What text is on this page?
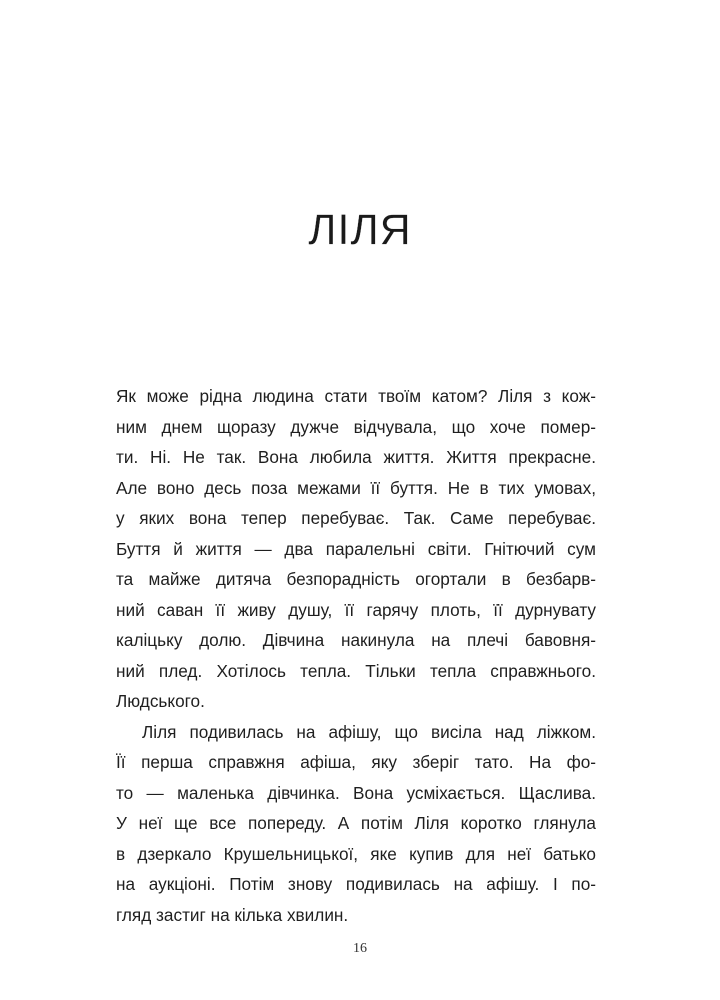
ЛІЛЯ
Як може рідна людина стати твоїм катом? Ліля з кож-
ним днем щоразу дужче відчувала, що хоче помер-
ти. Ні. Не так. Вона любила життя. Життя прекрасне.
Але воно десь поза межами її буття. Не в тих умовах,
у яких вона тепер перебуває. Так. Саме перебуває.
Буття й життя — два паралельні світи. Гнітючий сум
та майже дитяча безпорадність огортали в безбарв-
ний саван її живу душу, її гарячу плоть, її дурнувату
каліцьку долю. Дівчина накинула на плечі бавовня-
ний плед. Хотілось тепла. Тільки тепла справжнього.
Людського.
Ліля подивилась на афішу, що висіла над ліжком.
Її перша справжня афіша, яку зберіг тато. На фо-
то — маленька дівчинка. Вона усміхається. Щаслива.
У неї ще все попереду. А потім Ліля коротко глянула
в дзеркало Крушельницької, яке купив для неї батько
на аукціоні. Потім знову подивилась на афішу. І по-
гляд застиг на кілька хвилин.
16
